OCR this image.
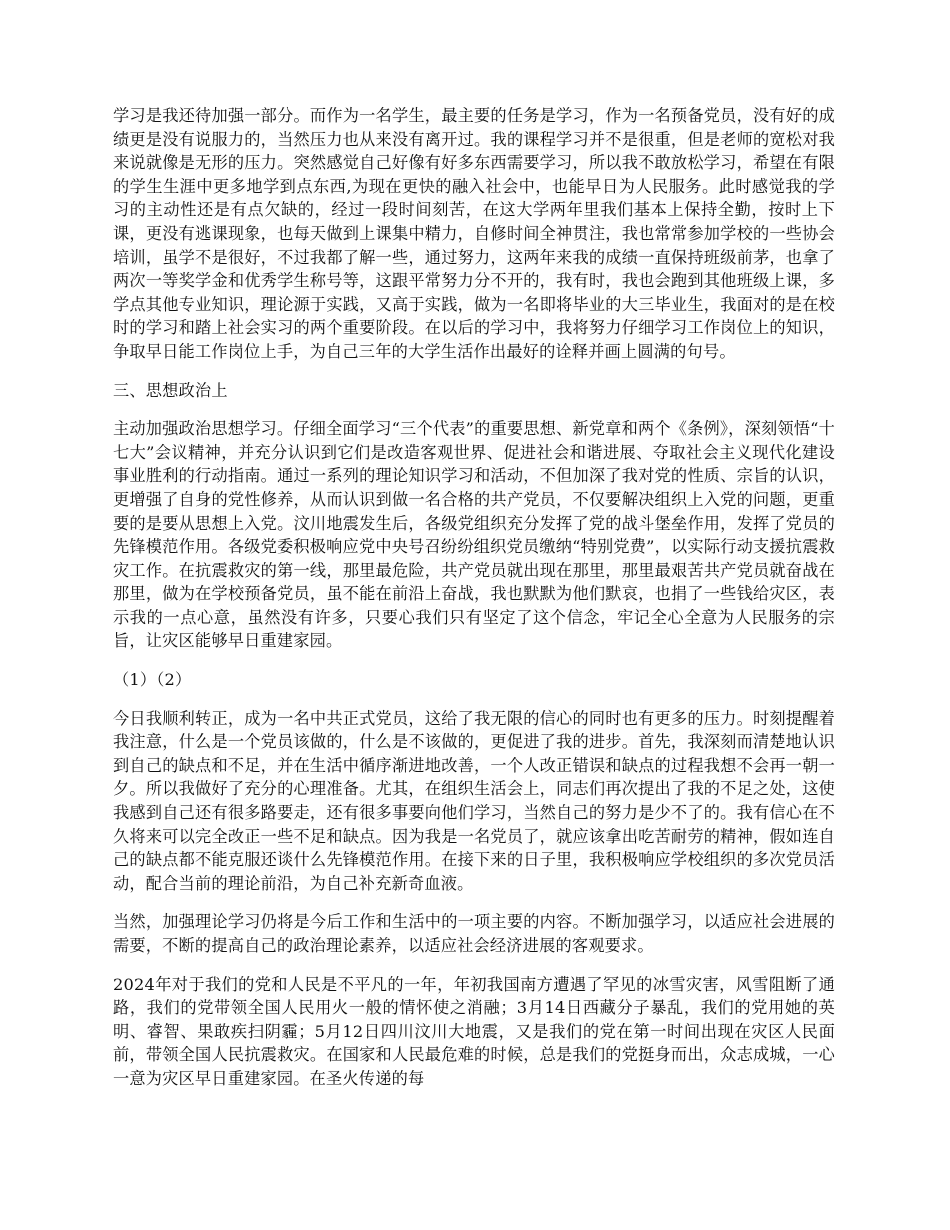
学习是我还待加强一部分。而作为一名学生，最主要的任务是学习，作为一名预备党员，没有好的成绩更是没有说服力的，当然压力也从来没有离开过。我的课程学习并不是很重，但是老师的宽松对我来说就像是无形的压力。突然感觉自己好像有好多东西需要学习，所以我不敢放松学习，希望在有限的学生生涯中更多地学到点东西,为现在更快的融入社会中，也能早日为人民服务。此时感觉我的学习的主动性还是有点欠缺的，经过一段时间刻苦，在这大学两年里我们基本上保持全勤，按时上下课，更没有逃课现象，也每天做到上课集中精力，自修时间全神贯注，我也常常参加学校的一些协会培训，虽学不是很好，不过我都了解一些，通过努力，这两年来我的成绩一直保持班级前茅，也拿了两次一等奖学金和优秀学生称号等，这跟平常努力分不开的，我有时，我也会跑到其他班级上课，多学点其他专业知识，理论源于实践，又高于实践，做为一名即将毕业的大三毕业生，我面对的是在校时的学习和踏上社会实习的两个重要阶段。在以后的学习中，我将努力仔细学习工作岗位上的知识，争取早日能工作岗位上手，为自己三年的大学生活作出最好的诠释并画上圆满的句号。

三、思想政治上

主动加强政治思想学习。仔细全面学习“三个代表”的重要思想、新党章和两个《条例》，深刻领悟“十七大”会议精神，并充分认识到它们是改造客观世界、促进社会和谐进展、夺取社会主义现代化建设事业胜利的行动指南。通过一系列的理论知识学习和活动，不但加深了我对党的性质、宗旨的认识，更增强了自身的党性修养，从而认识到做一名合格的共产党员，不仅要解决组织上入党的问题，更重要的是要从思想上入党。汶川地震发生后，各级党组织充分发挥了党的战斗堡垒作用，发挥了党员的先锋模范作用。各级党委积极响应党中央号召纷纷组织党员缴纳“特别党费”，以实际行动支援抗震救灾工作。在抗震救灾的第一线，那里最危险，共产党员就出现在那里，那里最艰苦共产党员就奋战在那里，做为在学校预备党员，虽不能在前沿上奋战，我也默默为他们默哀，也捐了一些钱给灾区，表示我的一点心意，虽然没有许多，只要心我们只有坚定了这个信念，牢记全心全意为人民服务的宗旨，让灾区能够早日重建家园。

（1）（2）

今日我顺利转正，成为一名中共正式党员，这给了我无限的信心的同时也有更多的压力。时刻提醒着我注意，什么是一个党员该做的，什么是不该做的，更促进了我的进步。首先，我深刻而清楚地认识到自己的缺点和不足，并在生活中循序渐进地改善，一个人改正错误和缺点的过程我想不会再一朝一夕。所以我做好了充分的心理准备。尤其，在组织生活会上，同志们再次提出了我的不足之处，这使我感到自己还有很多路要走，还有很多事要向他们学习，当然自己的努力是少不了的。我有信心在不久将来可以完全改正一些不足和缺点。因为我是一名党员了，就应该拿出吃苦耐劳的精神，假如连自己的缺点都不能克服还谈什么先锋模范作用。在接下来的日子里，我积极响应学校组织的多次党员活动，配合当前的理论前沿，为自己补充新奇血液。

当然，加强理论学习仍将是今后工作和生活中的一项主要的内容。不断加强学习，以适应社会进展的需要，不断的提高自己的政治理论素养，以适应社会经济进展的客观要求。

2024年对于我们的党和人民是不平凡的一年，年初我国南方遭遇了罕见的冰雪灾害，风雪阻断了通路，我们的党带领全国人民用火一般的情怀使之消融；3月14日西藏分子暴乱，我们的党用她的英明、睿智、果敢疾扫阴霾；5月12日四川汶川大地震，又是我们的党在第一时间出现在灾区人民面前，带领全国人民抗震救灾。在国家和人民最危难的时候，总是我们的党挺身而出，众志成城，一心一意为灾区早日重建家园。在圣火传递的每
